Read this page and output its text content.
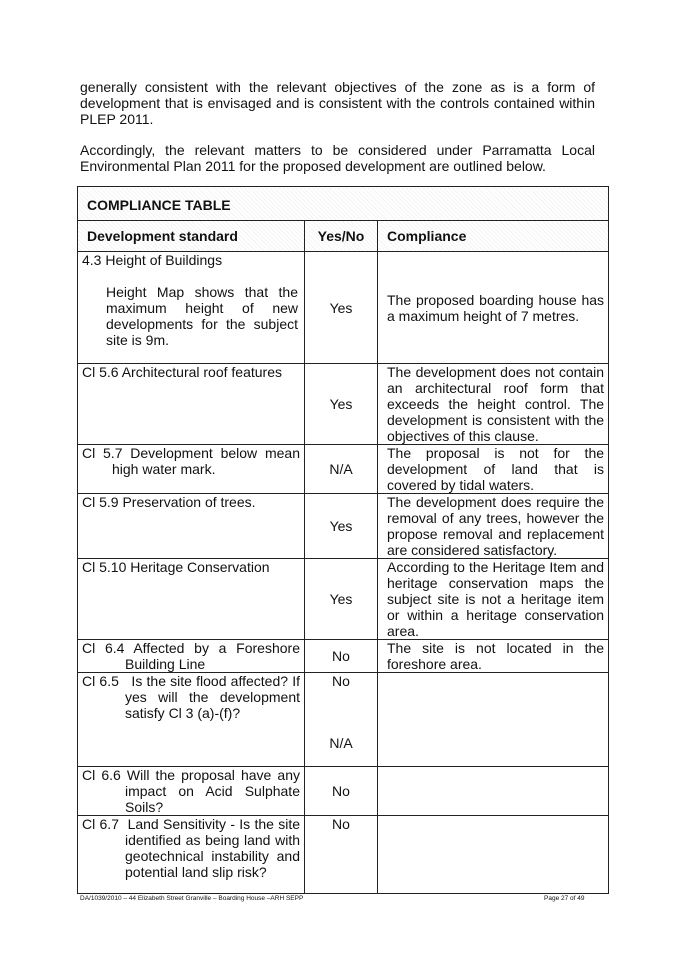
generally consistent with the relevant objectives of the zone as is a form of development that is envisaged and is consistent with the controls contained within PLEP 2011.

Accordingly, the relevant matters to be considered under Parramatta Local Environmental Plan 2011 for the proposed development are outlined below.

COMPLIANCE TABLE		
Development standard	Yes/No	Compliance

4.3 Height of Buildings
Height Map shows that the maximum height of new developments for the subject site is 9m.	Yes	The proposed boarding house has a maximum height of 7 metres.
Cl 5.6 Architectural roof features	Yes	The development does not contain an architectural roof form that exceeds the height control. The development is consistent with the objectives of this clause.

Cl 5.7 Development below mean high water mark.	N/A	The proposal is not for the development of land that is covered by tidal waters.
Cl 5.9 Preservation of trees.	Yes	The development does require the removal of any trees, however the propose removal and replacement are considered satisfactory.
Cl 5.10 Heritage Conservation	Yes	According to the Heritage Item and heritage conservation maps the subject site is not a heritage item or within a heritage conservation area.

Cl 6.4 Affected by a Foreshore Building Line	No	The site is not located in the foreshore area.

Cl 6.5   Is the site flood affected? If yes will the development satisfy Cl 3 (a)-(f)?	No
N/A	

Cl 6.6 Will the proposal have any impact on Acid Sulphate Soils?	No	

Cl 6.7  Land Sensitivity - Is the site identified as being land with geotechnical instability and potential land slip risk?	No	
DA/1039/2010 – 44 Elizabeth Street Granville – Boarding House –ARH SEPP	Page 27 of 49
